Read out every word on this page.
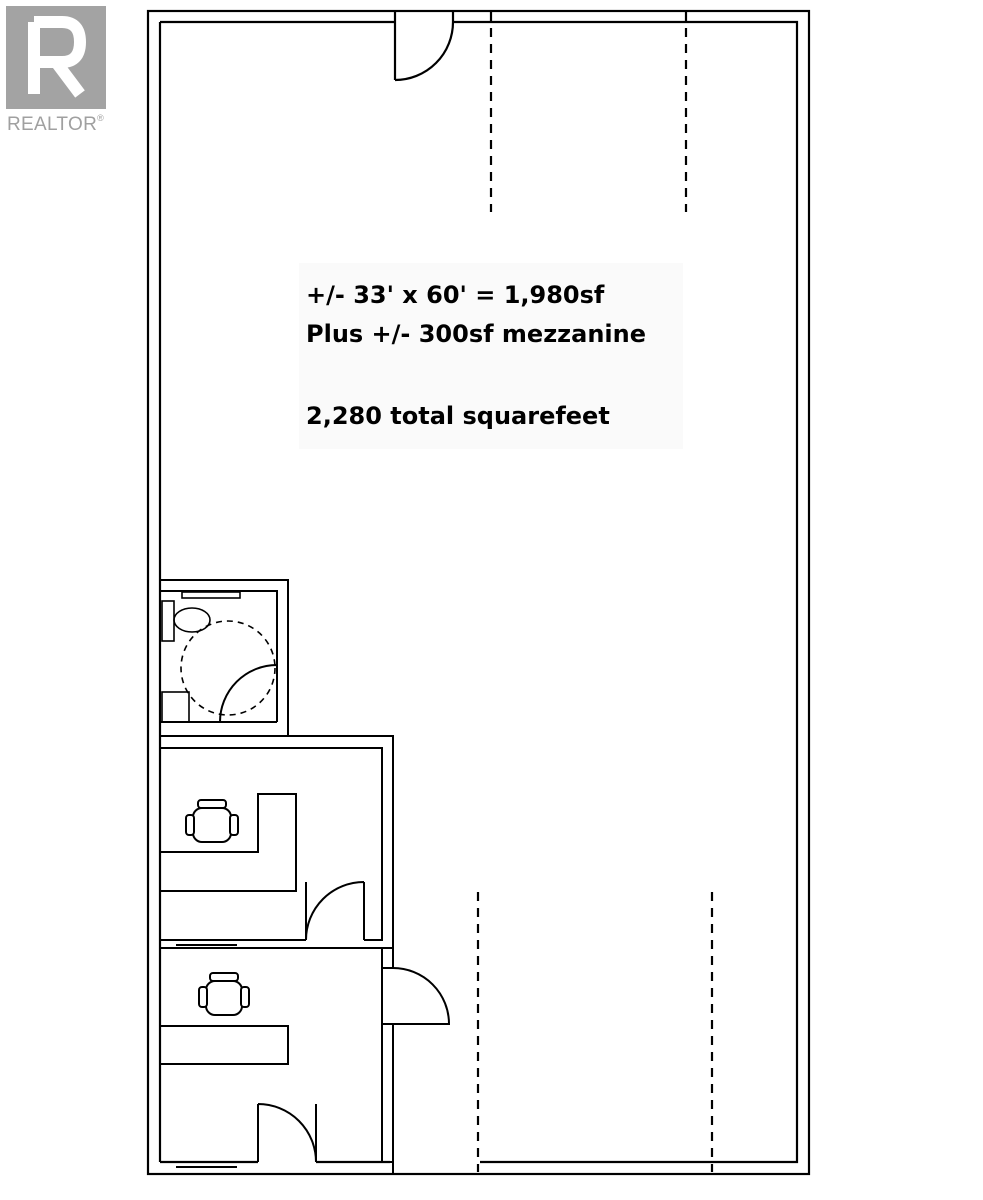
REALTOR®
+/- 33' x 60' = 1,980sf
Plus +/- 300sf mezzanine
2,280 total squarefeet
